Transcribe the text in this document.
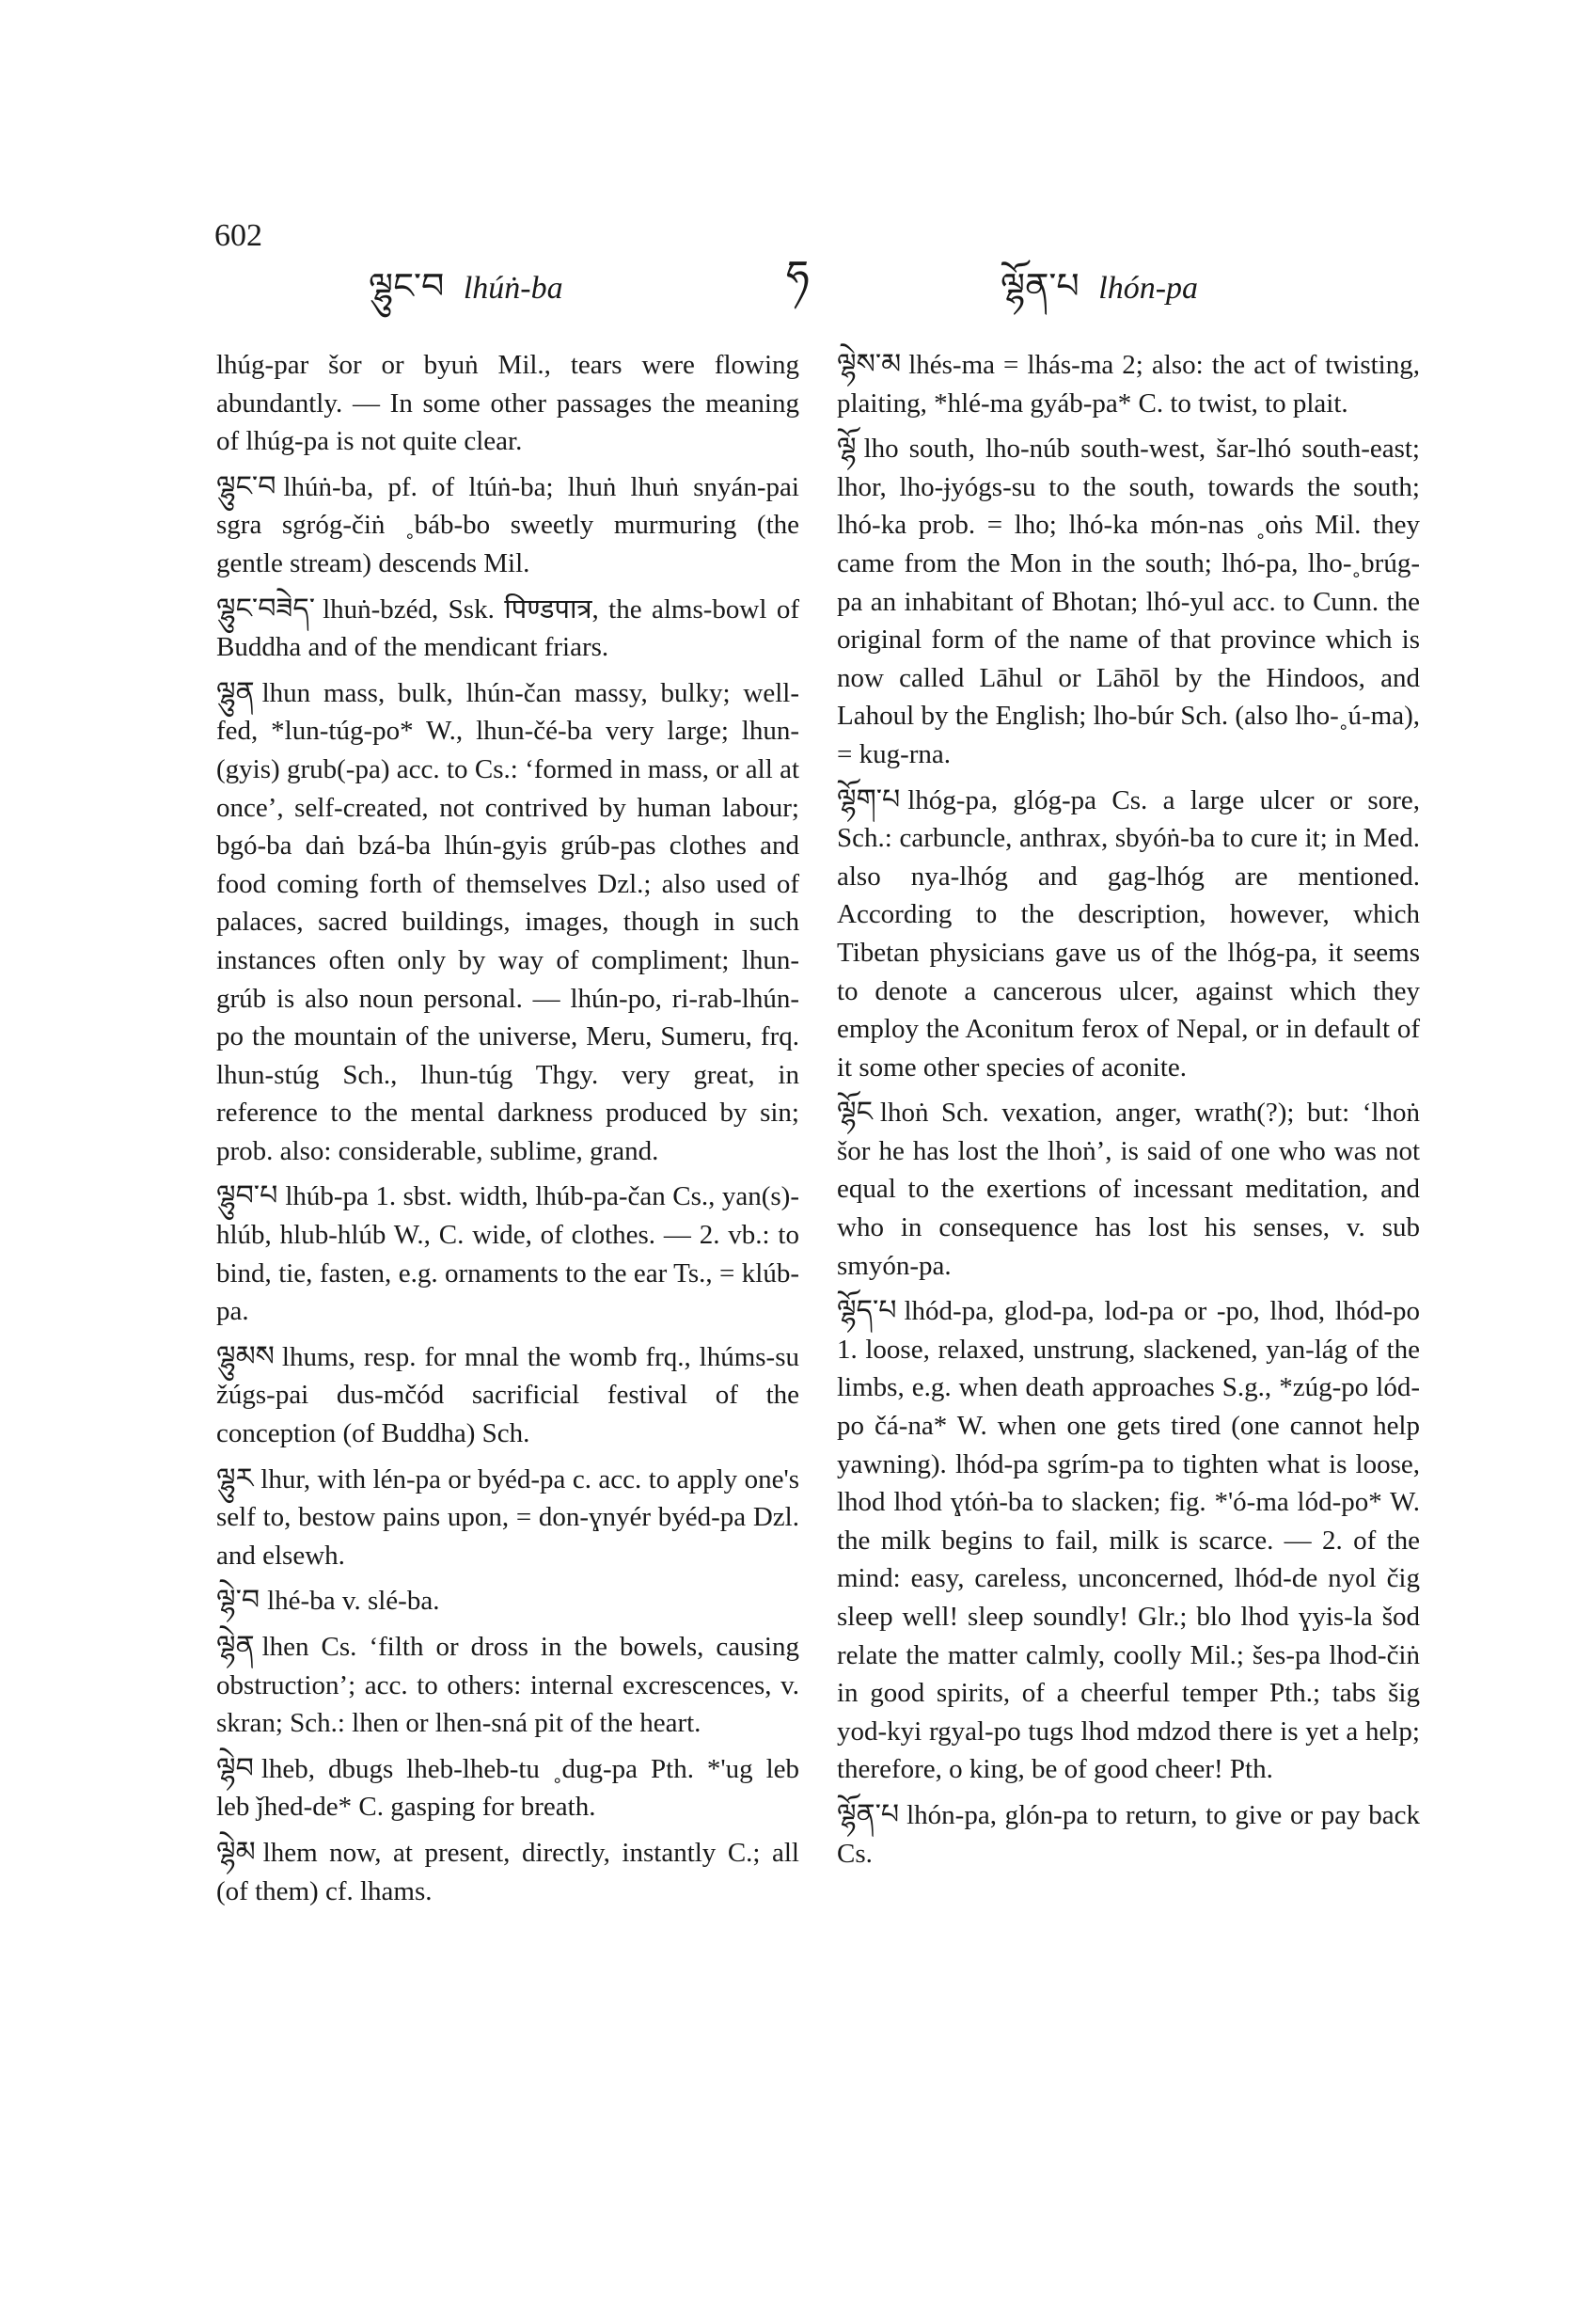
602
ལྷུང་བ lhúṅ-ba	ཧ	ལྷོན་པ lhón-pa

lhúg-par šor or byuṅ Mil., tears were flowing abundantly. — In some other passages the meaning of lhúg-pa is not quite clear.

ལྷུང་བ lhúṅ-ba, pf. of ltúṅ-ba; lhuṅ lhuṅ snyán-pai sgra sgróg-čiṅ ˳báb-bo sweetly murmuring (the gentle stream) descends Mil.

ལྷུང་བཟེད་ lhuṅ-bzéd, Ssk. पिण्डपात्र, the alms-bowl of Buddha and of the mendicant friars.

ལྷུན lhun mass, bulk, lhún-čan massy, bulky; well-fed, *lun-túg-po* W., lhun-čé-ba very large; lhun-(gyis) grub(-pa) acc. to Cs.: ‘formed in mass, or all at once’, self-created, not contrived by human labour; bgó-ba daṅ bzá-ba lhún-gyis grúb-pas clothes and food coming forth of themselves Dzl.; also used of palaces, sacred buildings, images, though in such instances often only by way of compliment; lhun-grúb is also noun personal. — lhún-po, ri-rab-lhún-po the mountain of the universe, Meru, Sumeru, frq. lhun-stúg Sch., lhun-túg Thgy. very great, in reference to the mental darkness produced by sin; prob. also: considerable, sublime, grand.

ལྷུབ་པ lhúb-pa 1. sbst. width, lhúb-pa-čan Cs., yan(s)-hlúb, hlub-hlúb W., C. wide, of clothes. — 2. vb.: to bind, tie, fasten, e.g. ornaments to the ear Ts., = klúb-pa.

ལྷུམས lhums, resp. for mnal the womb frq., lhúms-su žúgs-pai dus-mčód sacrificial festival of the conception (of Buddha) Sch.

ལྷུར lhur, with lén-pa or byéd-pa c. acc. to apply one's self to, bestow pains upon, = don-ɣnyér byéd-pa Dzl. and elsewh.

ལྷེ་བ lhé-ba v. slé-ba.

ལྷེན lhen Cs. ‘filth or dross in the bowels, causing obstruction’; acc. to others: internal excrescences, v. skran; Sch.: lhen or lhen-sná pit of the heart.

ལྷེབ lheb, dbugs lheb-lheb-tu ˳dug-pa Pth. *'ug leb leb ǰhed-de* C. gasping for breath.

ལྷེམ lhem now, at present, directly, instantly C.; all (of them) cf. lhams.

ལྷེས་མ lhés-ma = lhás-ma 2; also: the act of twisting, plaiting, *hlé-ma gyáb-pa* C. to twist, to plait.

ལྷོ lho south, lho-núb south-west, šar-lhó south-east; lhor, lho-ɉyógs-su to the south, towards the south; lhó-ka prob. = lho; lhó-ka món-nas ˳oṅs Mil. they came from the Mon in the south; lhó-pa, lho-˳brúg-pa an inhabitant of Bhotan; lhó-yul acc. to Cunn. the original form of the name of that province which is now called Lāhul or Lāhōl by the Hindoos, and Lahoul by the English; lho-búr Sch. (also lho-˳ú-ma), = kug-rna.

ལྷོག་པ lhóg-pa, glóg-pa Cs. a large ulcer or sore, Sch.: carbuncle, anthrax, sbyóṅ-ba to cure it; in Med. also nya-lhóg and gag-lhóg are mentioned. According to the description, however, which Tibetan physicians gave us of the lhóg-pa, it seems to denote a cancerous ulcer, against which they employ the Aconitum ferox of Nepal, or in default of it some other species of aconite.

ལྷོང lhoṅ Sch. vexation, anger, wrath(?); but: ‘lhoṅ šor he has lost the lhoṅ’, is said of one who was not equal to the exertions of incessant meditation, and who in consequence has lost his senses, v. sub smyón-pa.

ལྷོད་པ lhód-pa, glod-pa, lod-pa or -po, lhod, lhód-po 1. loose, relaxed, unstrung, slackened, yan-lág of the limbs, e.g. when death approaches S.g., *zúg-po lód-po čá-na* W. when one gets tired (one cannot help yawning). lhód-pa sgrím-pa to tighten what is loose, lhod lhod ɣtóṅ-ba to slacken; fig. *'ó-ma lód-po* W. the milk begins to fail, milk is scarce. — 2. of the mind: easy, careless, unconcerned, lhód-de nyol čig sleep well! sleep soundly! Glr.; blo lhod ɣyis-la šod relate the matter calmly, coolly Mil.; šes-pa lhod-čiṅ in good spirits, of a cheerful temper Pth.; tabs šig yod-kyi rgyal-po tugs lhod mdzod there is yet a help; therefore, o king, be of good cheer! Pth.

ལྷོན་པ lhón-pa, glón-pa to return, to give or pay back Cs.
